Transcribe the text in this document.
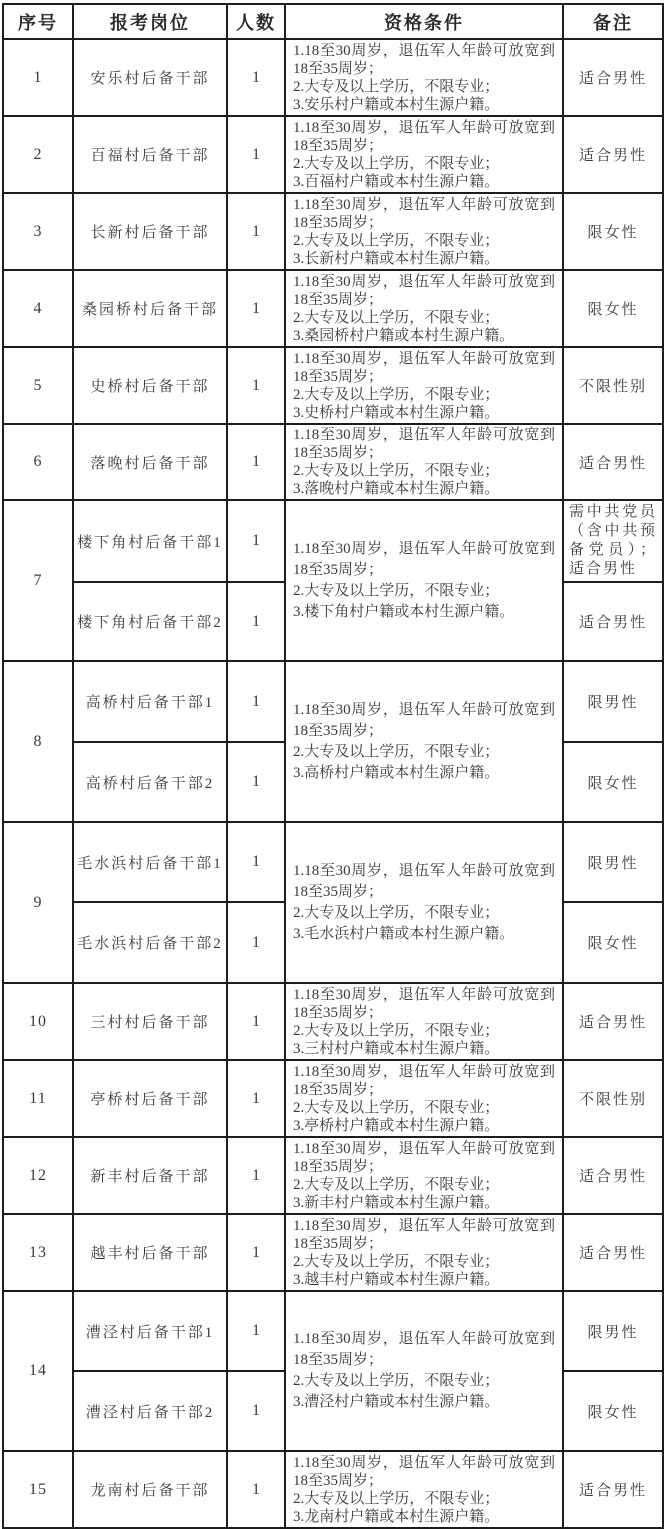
序号	报考岗位	人数	资格条件	备注
1	安乐村后备干部	1	1.18至30周岁，退伍军人年龄可放宽到18至35周岁；
2.大专及以上学历，不限专业；
3.安乐村户籍或本村生源户籍。	适合男性
2	百福村后备干部	1	1.18至30周岁，退伍军人年龄可放宽到18至35周岁；
2.大专及以上学历，不限专业；
3.百福村户籍或本村生源户籍。	适合男性
3	长新村后备干部	1	1.18至30周岁，退伍军人年龄可放宽到18至35周岁；
2.大专及以上学历，不限专业；
3.长新村户籍或本村生源户籍。	限女性
4	桑园桥村后备干部	1	1.18至30周岁，退伍军人年龄可放宽到18至35周岁；
2.大专及以上学历，不限专业；
3.桑园桥村户籍或本村生源户籍。	限女性
5	史桥村后备干部	1	1.18至30周岁，退伍军人年龄可放宽到18至35周岁；
2.大专及以上学历，不限专业；
3.史桥村户籍或本村生源户籍。	不限性别
6	落晚村后备干部	1	1.18至30周岁，退伍军人年龄可放宽到18至35周岁；
2.大专及以上学历，不限专业；
3.落晚村户籍或本村生源户籍。	适合男性
7	楼下角村后备干部1	1	1.18至30周岁，退伍军人年龄可放宽到18至35周岁；
2.大专及以上学历，不限专业；
3.楼下角村户籍或本村生源户籍。	需中共党员（含中共预备党员）；适合男性
	楼下角村后备干部2	1		适合男性
8	高桥村后备干部1	1	1.18至30周岁，退伍军人年龄可放宽到18至35周岁；
2.大专及以上学历，不限专业；
3.高桥村户籍或本村生源户籍。	限男性
	高桥村后备干部2	1		限女性
9	毛水浜村后备干部1	1	1.18至30周岁，退伍军人年龄可放宽到18至35周岁；
2.大专及以上学历，不限专业；
3.毛水浜村户籍或本村生源户籍。	限男性
	毛水浜村后备干部2	1		限女性
10	三村村后备干部	1	1.18至30周岁，退伍军人年龄可放宽到18至35周岁；
2.大专及以上学历，不限专业；
3.三村村户籍或本村生源户籍。	适合男性
11	亭桥村后备干部	1	1.18至30周岁，退伍军人年龄可放宽到18至35周岁；
2.大专及以上学历，不限专业；
3.亭桥村户籍或本村生源户籍。	不限性别
12	新丰村后备干部	1	1.18至30周岁，退伍军人年龄可放宽到18至35周岁；
2.大专及以上学历，不限专业；
3.新丰村户籍或本村生源户籍。	适合男性
13	越丰村后备干部	1	1.18至30周岁，退伍军人年龄可放宽到18至35周岁；
2.大专及以上学历，不限专业；
3.越丰村户籍或本村生源户籍。	适合男性
14	漕泾村后备干部1	1	1.18至30周岁，退伍军人年龄可放宽到18至35周岁；
2.大专及以上学历，不限专业；
3.漕泾村户籍或本村生源户籍。	限男性
	漕泾村后备干部2	1		限女性
15	龙南村后备干部	1	1.18至30周岁，退伍军人年龄可放宽到18至35周岁；
2.大专及以上学历，不限专业；
3.龙南村户籍或本村生源户籍。	适合男性
